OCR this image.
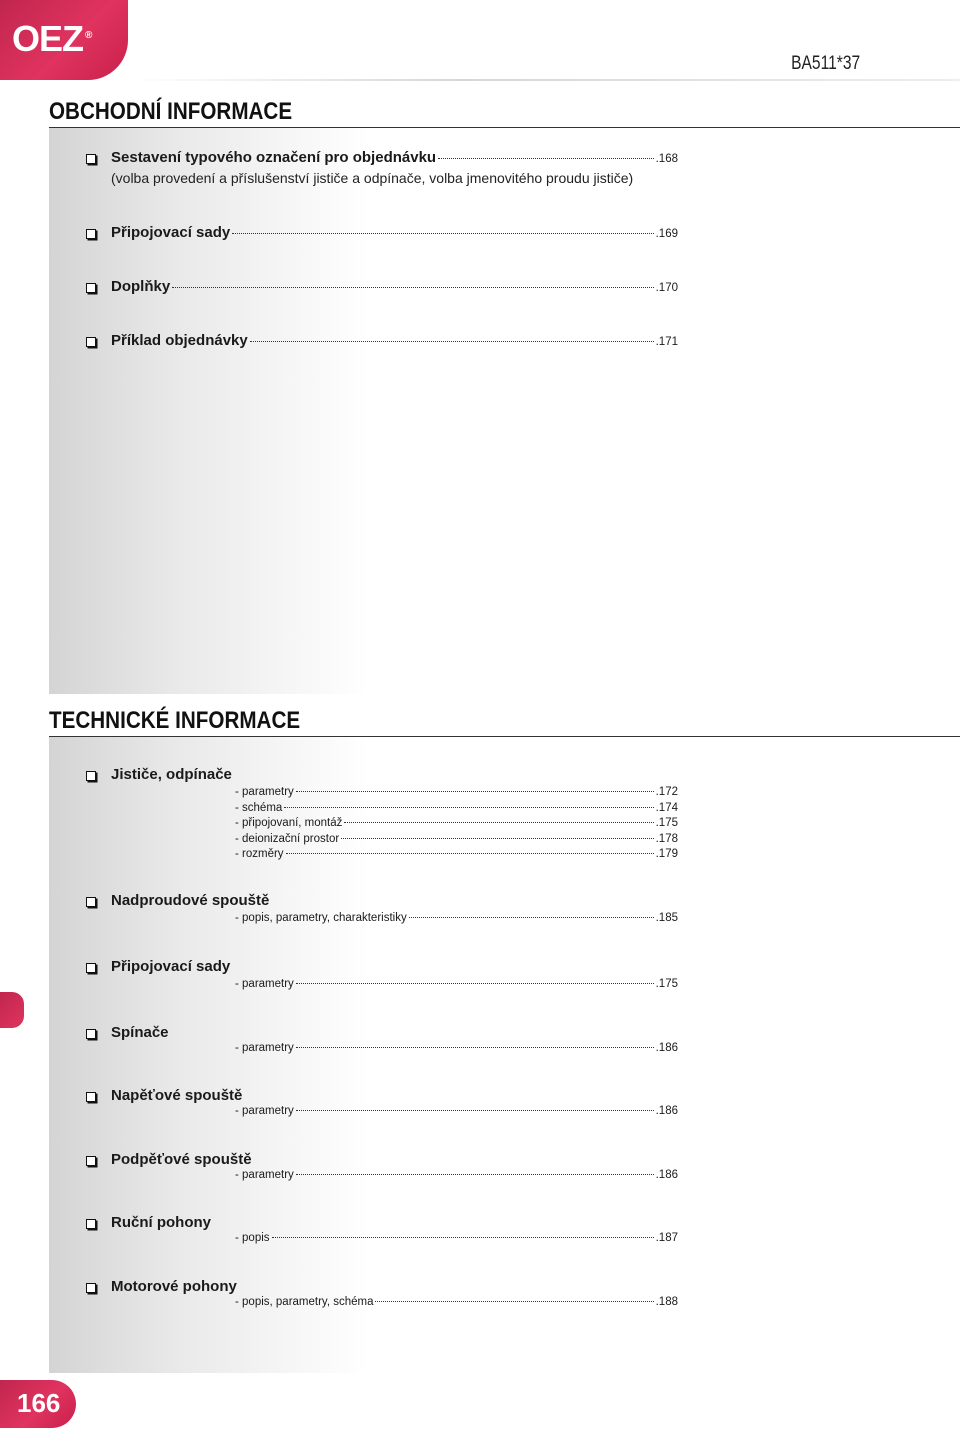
OEZ ®
BA511*37
OBCHODNÍ INFORMACE
Sestavení typového označení pro objednávku	.168
(volba provedení a příslušenství jističe a odpínače, volba jmenovitého proudu jističe)
Připojovací sady	.169
Doplňky	.170
Příklad objednávky	.171
TECHNICKÉ INFORMACE
Jističe, odpínače
- parametry	.172
- schéma	.174
- připojovaní, montáž	.175
- deionizační prostor	.178
- rozměry	.179
Nadproudové spouště
- popis, parametry, charakteristiky	.185
Připojovací sady
- parametry	.175
Spínače
- parametry	.186
Napěťové spouště
- parametry	.186
Podpěťové spouště
- parametry	.186
Ruční pohony
- popis	.187
Motorové pohony
- popis, parametry, schéma	.188
166
